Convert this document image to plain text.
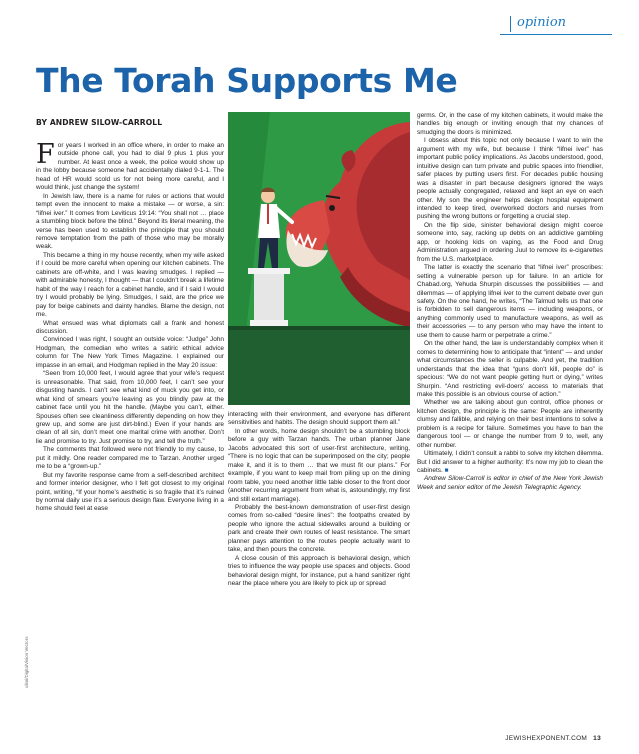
opinion
The Torah Supports Me
BY ANDREW SILOW-CARROLL

For years I worked in an office where, in order to make an outside phone call, you had to dial 9 plus 1 plus your number. At least once a week, the police would show up in the lobby because someone had accidentally dialed 9-1-1. The head of HR would scold us for not being more careful, and I would think, just change the system!

In Jewish law, there is a name for rules or actions that would tempt even the innocent to make a mistake — or worse, a sin: “lifnei iver.” It comes from Leviticus 19:14: “You shall not … place a stumbling block before the blind.” Beyond its literal meaning, the verse has been used to establish the principle that you should remove temptation from the path of those who may be morally weak.

This became a thing in my house recently, when my wife asked if I could be more careful when opening our kitchen cabinets. The cabinets are off-white, and I was leaving smudges. I replied — with admirable honesty, I thought — that I couldn’t break a lifetime habit of the way I reach for a cabinet handle, and if I said I would try I would probably be lying. Smudges, I said, are the price we pay for beige cabinets and dainty handles. Blame the design, not me.

What ensued was what diplomats call a frank and honest discussion.

Convinced I was right, I sought an outside voice: “Judge” John Hodgman, the comedian who writes a satiric ethical advice column for The New York Times Magazine. I explained our impasse in an email, and Hodgman replied in the May 20 issue:

“Seen from 10,000 feet, I would agree that your wife’s request is unreasonable. That said, from 10,000 feet, I can’t see your disgusting hands. I can’t see what kind of muck you get into, or what kind of smears you’re leaving as you blindly paw at the cabinet face until you hit the handle. (Maybe you can’t, either. Spouses often see cleanliness differently depending on how they grew up, and some are just dirt-blind.) Even if your hands are clean of all sin, don’t meet one marital crime with another. Don’t lie and promise to try. Just promise to try, and tell the truth.”

The comments that followed were not friendly to my cause, to put it mildly. One reader compared me to Tarzan. Another urged me to be a “grown-up.”

But my favorite response came from a self-described architect and former interior designer, who I felt got closest to my original point, writing, “If your home’s aesthetic is so fragile that it’s ruined by normal daily use it’s a serious design flaw. Everyone living in a home should feel at ease

interacting with their environment, and everyone has different sensitivities and habits. The design should support them all.”

In other words, home design shouldn’t be a stumbling block before a guy with Tarzan hands. The urban planner Jane Jacobs advocated this sort of user-first architecture, writing, “There is no logic that can be superimposed on the city; people make it, and it is to them … that we must fit our plans.” For example, if you want to keep mail from piling up on the dining room table, you need another little table closer to the front door (another recurring argument from what is, astoundingly, my first and still extant marriage).

Probably the best-known demonstration of user-first design comes from so-called “desire lines”: the footpaths created by people who ignore the actual sidewalks around a building or park and create their own routes of least resistance. The smart planner pays attention to the routes people actually want to take, and then pours the concrete.

A close cousin of this approach is behavioral design, which tries to influence the way people use spaces and objects. Good behavioral design might, for instance, put a hand sanitizer right near the place where you are likely to pick up or spread

germs. Or, in the case of my kitchen cabinets, it would make the handles big enough or inviting enough that my chances of smudging the doors is minimized.

I obsess about this topic not only because I want to win the argument with my wife, but because I think “lifnei iver” has important public policy implications. As Jacobs understood, good, intuitive design can turn private and public spaces into friendlier, safer places by putting users first. For decades public housing was a disaster in part because designers ignored the ways people actually congregated, relaxed and kept an eye on each other. My son the engineer helps design hospital equipment intended to keep tired, overworked doctors and nurses from pushing the wrong buttons or forgetting a crucial step.

On the flip side, sinister behavioral design might coerce someone into, say, racking up debts on an addictive gambling app, or hooking kids on vaping, as the Food and Drug Administration argued in ordering Juul to remove its e-cigarettes from the U.S. marketplace.

The latter is exactly the scenario that “lifnei iver” proscribes: setting a vulnerable person up for failure. In an article for Chabad.org, Yehuda Shurpin discusses the possibilities — and dilemmas — of applying lifnei iver to the current debate over gun safety. On the one hand, he writes, “The Talmud tells us that one is forbidden to sell dangerous items — including weapons, or anything commonly used to manufacture weapons, as well as their accessories — to any person who may have the intent to use them to cause harm or perpetrate a crime.”

On the other hand, the law is understandably complex when it comes to determining how to anticipate that “intent” — and under what circumstances the seller is culpable. And yet, the tradition understands that the idea that “guns don’t kill, people do” is specious: “We do not want people getting hurt or dying,” writes Shurpin. “And restricting evil-doers’ access to materials that make this possible is an obvious course of action.”

Whether we are talking about gun control, office phones or kitchen design, the principle is the same: People are inherently clumsy and fallible, and relying on their best intentions to solve a problem is a recipe for failure. Sometimes you have to ban the dangerous tool — or change the number from 9 to, well, any other number.

Ultimately, I didn’t consult a rabbi to solve my kitchen dilemma. But I did answer to a higher authority: It’s now my job to clean the cabinets. ■

Andrew Silow-Carroll is editor in chief of the New York Jewish Week and senior editor of the Jewish Telegraphic Agency.

ulimi/DigitalVision Vectors
JEWISHEXPONENT.COM 13
